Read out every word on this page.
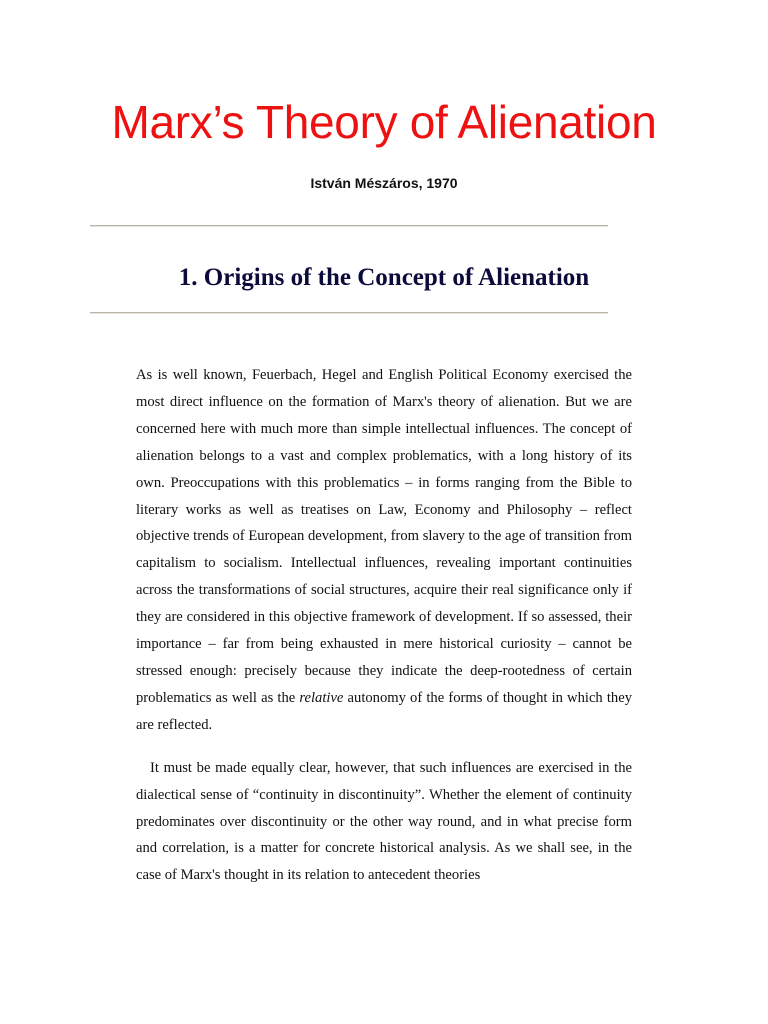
Marx’s Theory of Alienation
István Mészáros, 1970
1. Origins of the Concept of Alienation

As is well known, Feuerbach, Hegel and English Political Economy exercised the most direct influence on the formation of Marx's theory of alienation. But we are concerned here with much more than simple intellectual influences. The concept of alienation belongs to a vast and complex problematics, with a long history of its own. Preoccupations with this problematics – in forms ranging from the Bible to literary works as well as treatises on Law, Economy and Philosophy – reflect objective trends of European development, from slavery to the age of transition from capitalism to socialism. Intellectual influences, revealing important continuities across the transformations of social structures, acquire their real significance only if they are considered in this objective framework of development. If so assessed, their importance – far from being exhausted in mere historical curiosity – cannot be stressed enough: precisely because they indicate the deep-rootedness of certain problematics as well as the relative autonomy of the forms of thought in which they are reflected.

It must be made equally clear, however, that such influences are exercised in the dialectical sense of “continuity in discontinuity”. Whether the element of continuity predominates over discontinuity or the other way round, and in what precise form and correlation, is a matter for concrete historical analysis. As we shall see, in the case of Marx's thought in its relation to antecedent theories
